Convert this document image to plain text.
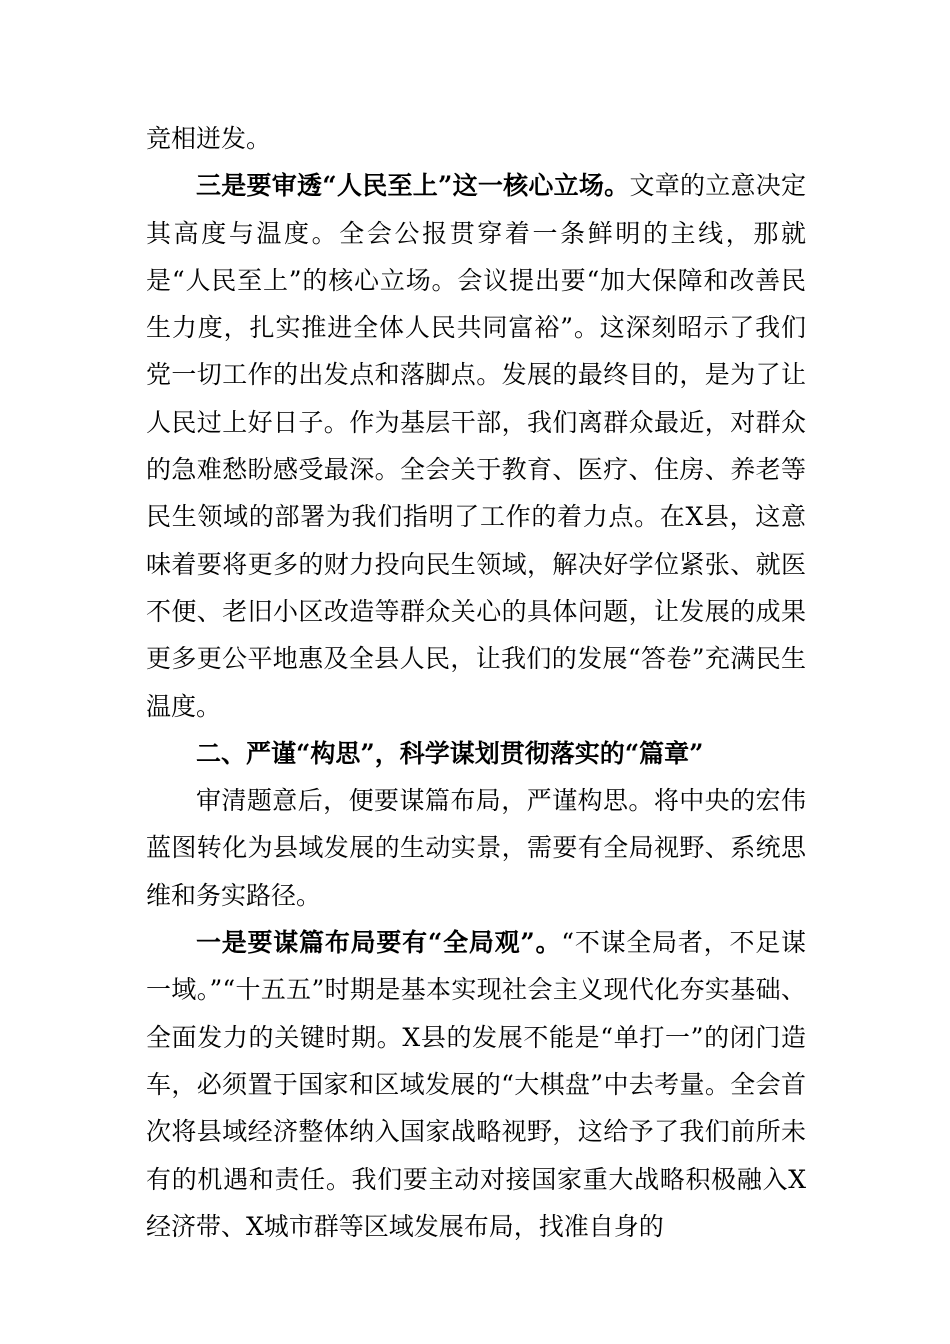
竞相迸发。

三是要审透“人民至上”这一核心立场。文章的立意决定其高度与温度。全会公报贯穿着一条鲜明的主线，那就是“人民至上”的核心立场。会议提出要“加大保障和改善民生力度，扎实推进全体人民共同富裕”。这深刻昭示了我们党一切工作的出发点和落脚点。发展的最终目的，是为了让人民过上好日子。作为基层干部，我们离群众最近，对群众的急难愁盼感受最深。全会关于教育、医疗、住房、养老等民生领域的部署为我们指明了工作的着力点。在X县，这意味着要将更多的财力投向民生领域，解决好学位紧张、就医不便、老旧小区改造等群众关心的具体问题，让发展的成果更多更公平地惠及全县人民，让我们的发展“答卷”充满民生温度。

二、严谨“构思”，科学谋划贯彻落实的“篇章”

审清题意后，便要谋篇布局，严谨构思。将中央的宏伟蓝图转化为县域发展的生动实景，需要有全局视野、系统思维和务实路径。

一是要谋篇布局要有“全局观”。“不谋全局者，不足谋一域。”“十五五”时期是基本实现社会主义现代化夯实基础、全面发力的关键时期。X县的发展不能是“单打一”的闭门造车，必须置于国家和区域发展的“大棋盘”中去考量。全会首次将县域经济整体纳入国家战略视野，这给予了我们前所未有的机遇和责任。我们要主动对接国家重大战略积极融入X经济带、X城市群等区域发展布局，找准自身的
